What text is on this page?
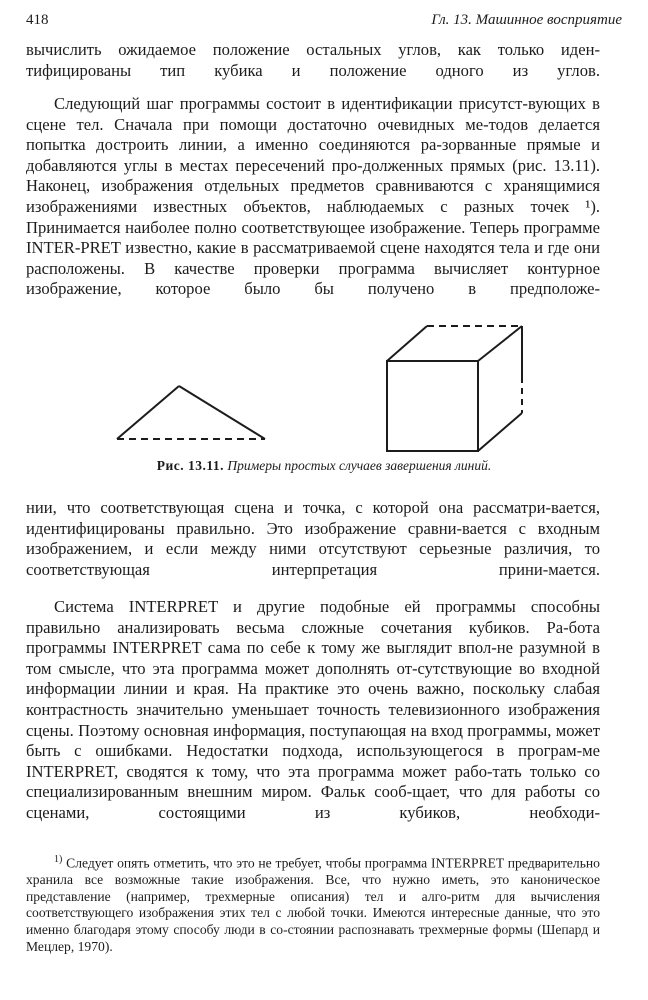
418	Гл. 13. Машинное восприятие

вычислить ожидаемое положение остальных углов, как только иден-тифицированы тип кубика и положение одного из углов.

Следующий шаг программы состоит в идентификации присутст-вующих в сцене тел. Сначала при помощи достаточно очевидных ме-тодов делается попытка достроить линии, а именно соединяются ра-зорванные прямые и добавляются углы в местах пересечений про-долженных прямых (рис. 13.11). Наконец, изображения отдельных предметов сравниваются с хранящимися изображениями известных объектов, наблюдаемых с разных точек ¹). Принимается наиболее полно соответствующее изображение. Теперь программе INTER-PRET известно, какие в рассматриваемой сцене находятся тела и где они расположены. В качестве проверки программа вычисляет контурное изображение, которое было бы получено в предположе-

Рис. 13.11. Примеры простых случаев завершения линий.

нии, что соответствующая сцена и точка, с которой она рассматри-вается, идентифицированы правильно. Это изображение сравни-вается с входным изображением, и если между ними отсутствуют серьезные различия, то соответствующая интерпретация прини-мается.

Система INTERPRET и другие подобные ей программы способны правильно анализировать весьма сложные сочетания кубиков. Ра-бота программы INTERPRET сама по себе к тому же выглядит впол-не разумной в том смысле, что эта программа может дополнять от-сутствующие во входной информации линии и края. На практике это очень важно, поскольку слабая контрастность значительно уменьшает точность телевизионного изображения сцены. Поэтому основная информация, поступающая на вход программы, может быть с ошибками. Недостатки подхода, использующегося в програм-ме INTERPRET, сводятся к тому, что эта программа может рабо-тать только со специализированным внешним миром. Фальк сооб-щает, что для работы со сценами, состоящими из кубиков, необходи-

$^{1)}$ Следует опять отметить, что это не требует, чтобы программа INTERPRET предварительно хранила все возможные такие изображения. Все, что нужно иметь, это каноническое представление (например, трехмерные описания) тел и алго-ритм для вычисления соответствующего изображения этих тел с любой точки. Имеются интересные данные, что это именно благодаря этому способу люди в со-стоянии распознавать трехмерные формы (Шепард и Мецлер, 1970).
